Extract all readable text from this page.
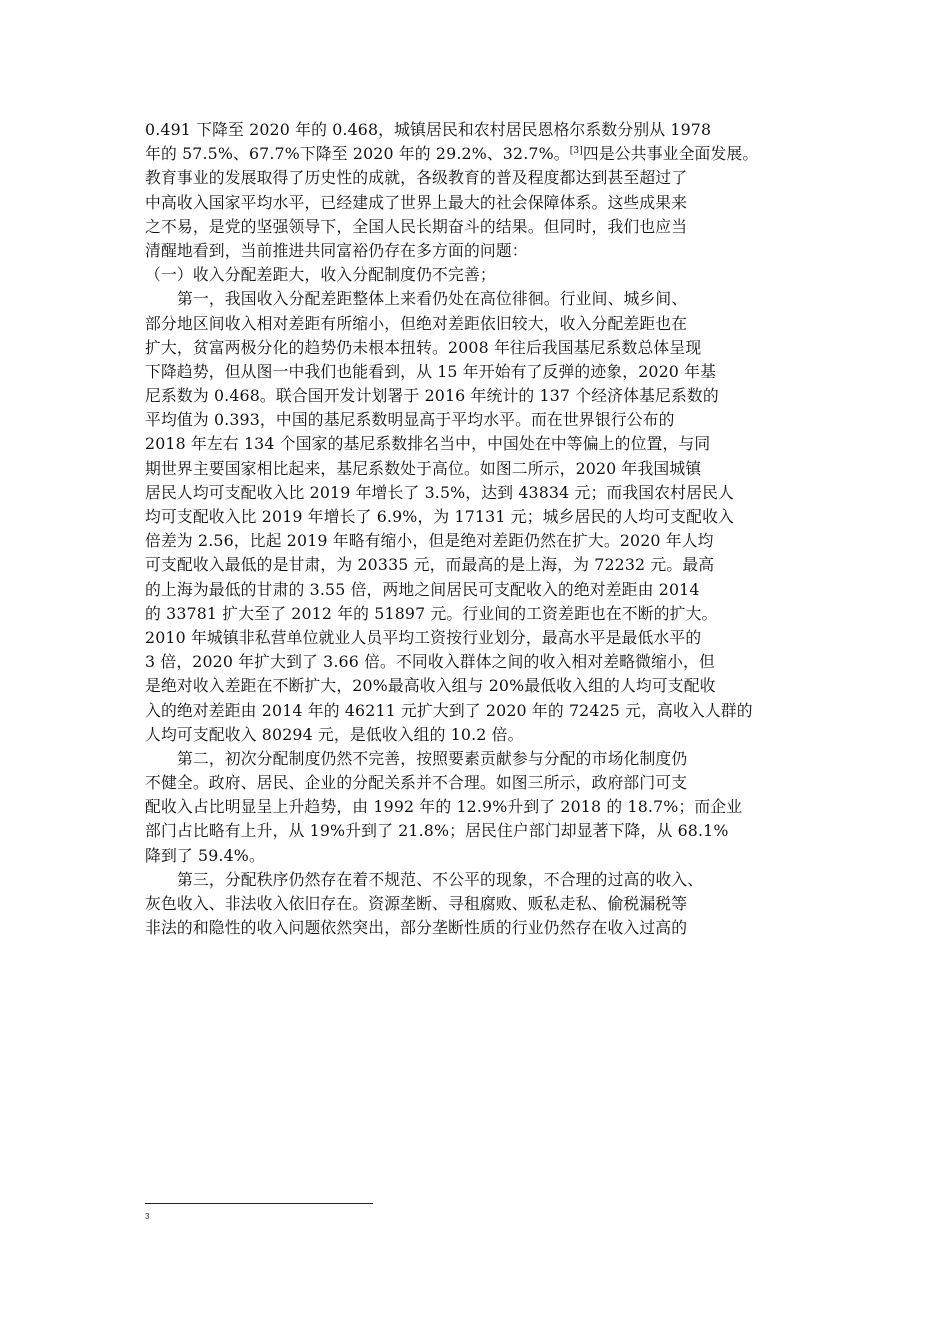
0.491 下降至 2020 年的 0.468，城镇居民和农村居民恩格尔系数分别从 1978
年的 57.5%、67.7%下降至 2020 年的 29.2%、32.7%。[3]四是公共事业全面发展。
教育事业的发展取得了历史性的成就，各级教育的普及程度都达到甚至超过了
中高收入国家平均水平，已经建成了世界上最大的社会保障体系。这些成果来
之不易，是党的坚强领导下，全国人民长期奋斗的结果。但同时，我们也应当
清醒地看到，当前推进共同富裕仍存在多方面的问题：
（一）收入分配差距大，收入分配制度仍不完善；
第一，我国收入分配差距整体上来看仍处在高位徘徊。行业间、城乡间、
部分地区间收入相对差距有所缩小，但绝对差距依旧较大，收入分配差距也在
扩大，贫富两极分化的趋势仍未根本扭转。2008 年往后我国基尼系数总体呈现
下降趋势，但从图一中我们也能看到，从 15 年开始有了反弹的迹象，2020 年基
尼系数为 0.468。联合国开发计划署于 2016 年统计的 137 个经济体基尼系数的
平均值为 0.393，中国的基尼系数明显高于平均水平。而在世界银行公布的
2018 年左右 134 个国家的基尼系数排名当中，中国处在中等偏上的位置，与同
期世界主要国家相比起来，基尼系数处于高位。如图二所示，2020 年我国城镇
居民人均可支配收入比 2019 年增长了 3.5%，达到 43834 元；而我国农村居民人
均可支配收入比 2019 年增长了 6.9%，为 17131 元；城乡居民的人均可支配收入
倍差为 2.56，比起 2019 年略有缩小，但是绝对差距仍然在扩大。2020 年人均
可支配收入最低的是甘肃，为 20335 元，而最高的是上海，为 72232 元。最高
的上海为最低的甘肃的 3.55 倍，两地之间居民可支配收入的绝对差距由 2014
的 33781 扩大至了 2012 年的 51897 元。行业间的工资差距也在不断的扩大。
2010 年城镇非私营单位就业人员平均工资按行业划分，最高水平是最低水平的
3 倍，2020 年扩大到了 3.66 倍。不同收入群体之间的收入相对差略微缩小，但
是绝对收入差距在不断扩大，20%最高收入组与 20%最低收入组的人均可支配收
入的绝对差距由 2014 年的 46211 元扩大到了 2020 年的 72425 元，高收入人群的
人均可支配收入 80294 元，是低收入组的 10.2 倍。
第二，初次分配制度仍然不完善，按照要素贡献参与分配的市场化制度仍
不健全。政府、居民、企业的分配关系并不合理。如图三所示，政府部门可支
配收入占比明显呈上升趋势，由 1992 年的 12.9%升到了 2018 的 18.7%；而企业
部门占比略有上升，从 19%升到了 21.8%；居民住户部门却显著下降，从 68.1%
降到了 59.4%。
第三，分配秩序仍然存在着不规范、不公平的现象，不合理的过高的收入、
灰色收入、非法收入依旧存在。资源垄断、寻租腐败、贩私走私、偷税漏税等
非法的和隐性的收入问题依然突出，部分垄断性质的行业仍然存在收入过高的
3
